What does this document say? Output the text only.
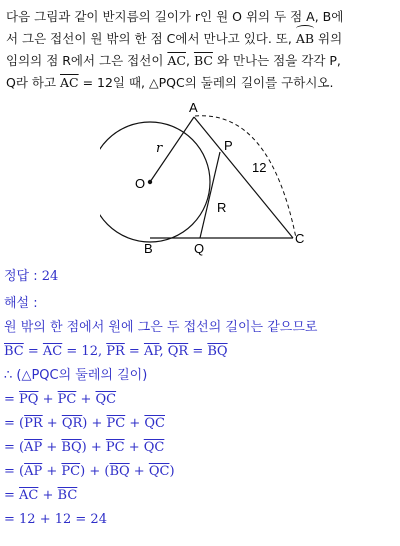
다음 그림과 같이 반지름의 길이가 r인 원 O 위의 두 점 A, B에

서 그은 접선이 원 밖의 한 점 C에서 만나고 있다. 또, AB 위의

임의의 점 R에서 그은 접선이 $\overline{AC}$, $\overline{BC}$ 와 만나는 점을 각각 P,

Q라 하고 $\overline{AC} = 12$일 때, △PQC의 둘레의 길이를 구하시오.

r
A
O
P
12
R
B	Q
C
정답 : 24
해설 :
원 밖의 한 점에서 원에 그은 두 접선의 길이는 같으므로
$\overline{BC} = \overline{AC} = 12$, $\overline{PR} = \overline{AP}$, $\overline{QR} = \overline{BQ}$
∴ (△PQC의 둘레의 길이)
= $\overline{PQ} + \overline{PC} + \overline{QC}$
= $(\overline{PR} + \overline{QR}) + \overline{PC} + \overline{QC}$
= $(\overline{AP} + \overline{BQ}) + \overline{PC} + \overline{QC}$
= $(\overline{AP} + \overline{PC}) + (\overline{BQ} + \overline{QC})$
= $\overline{AC} + \overline{BC}$
= 12 + 12 = 24
